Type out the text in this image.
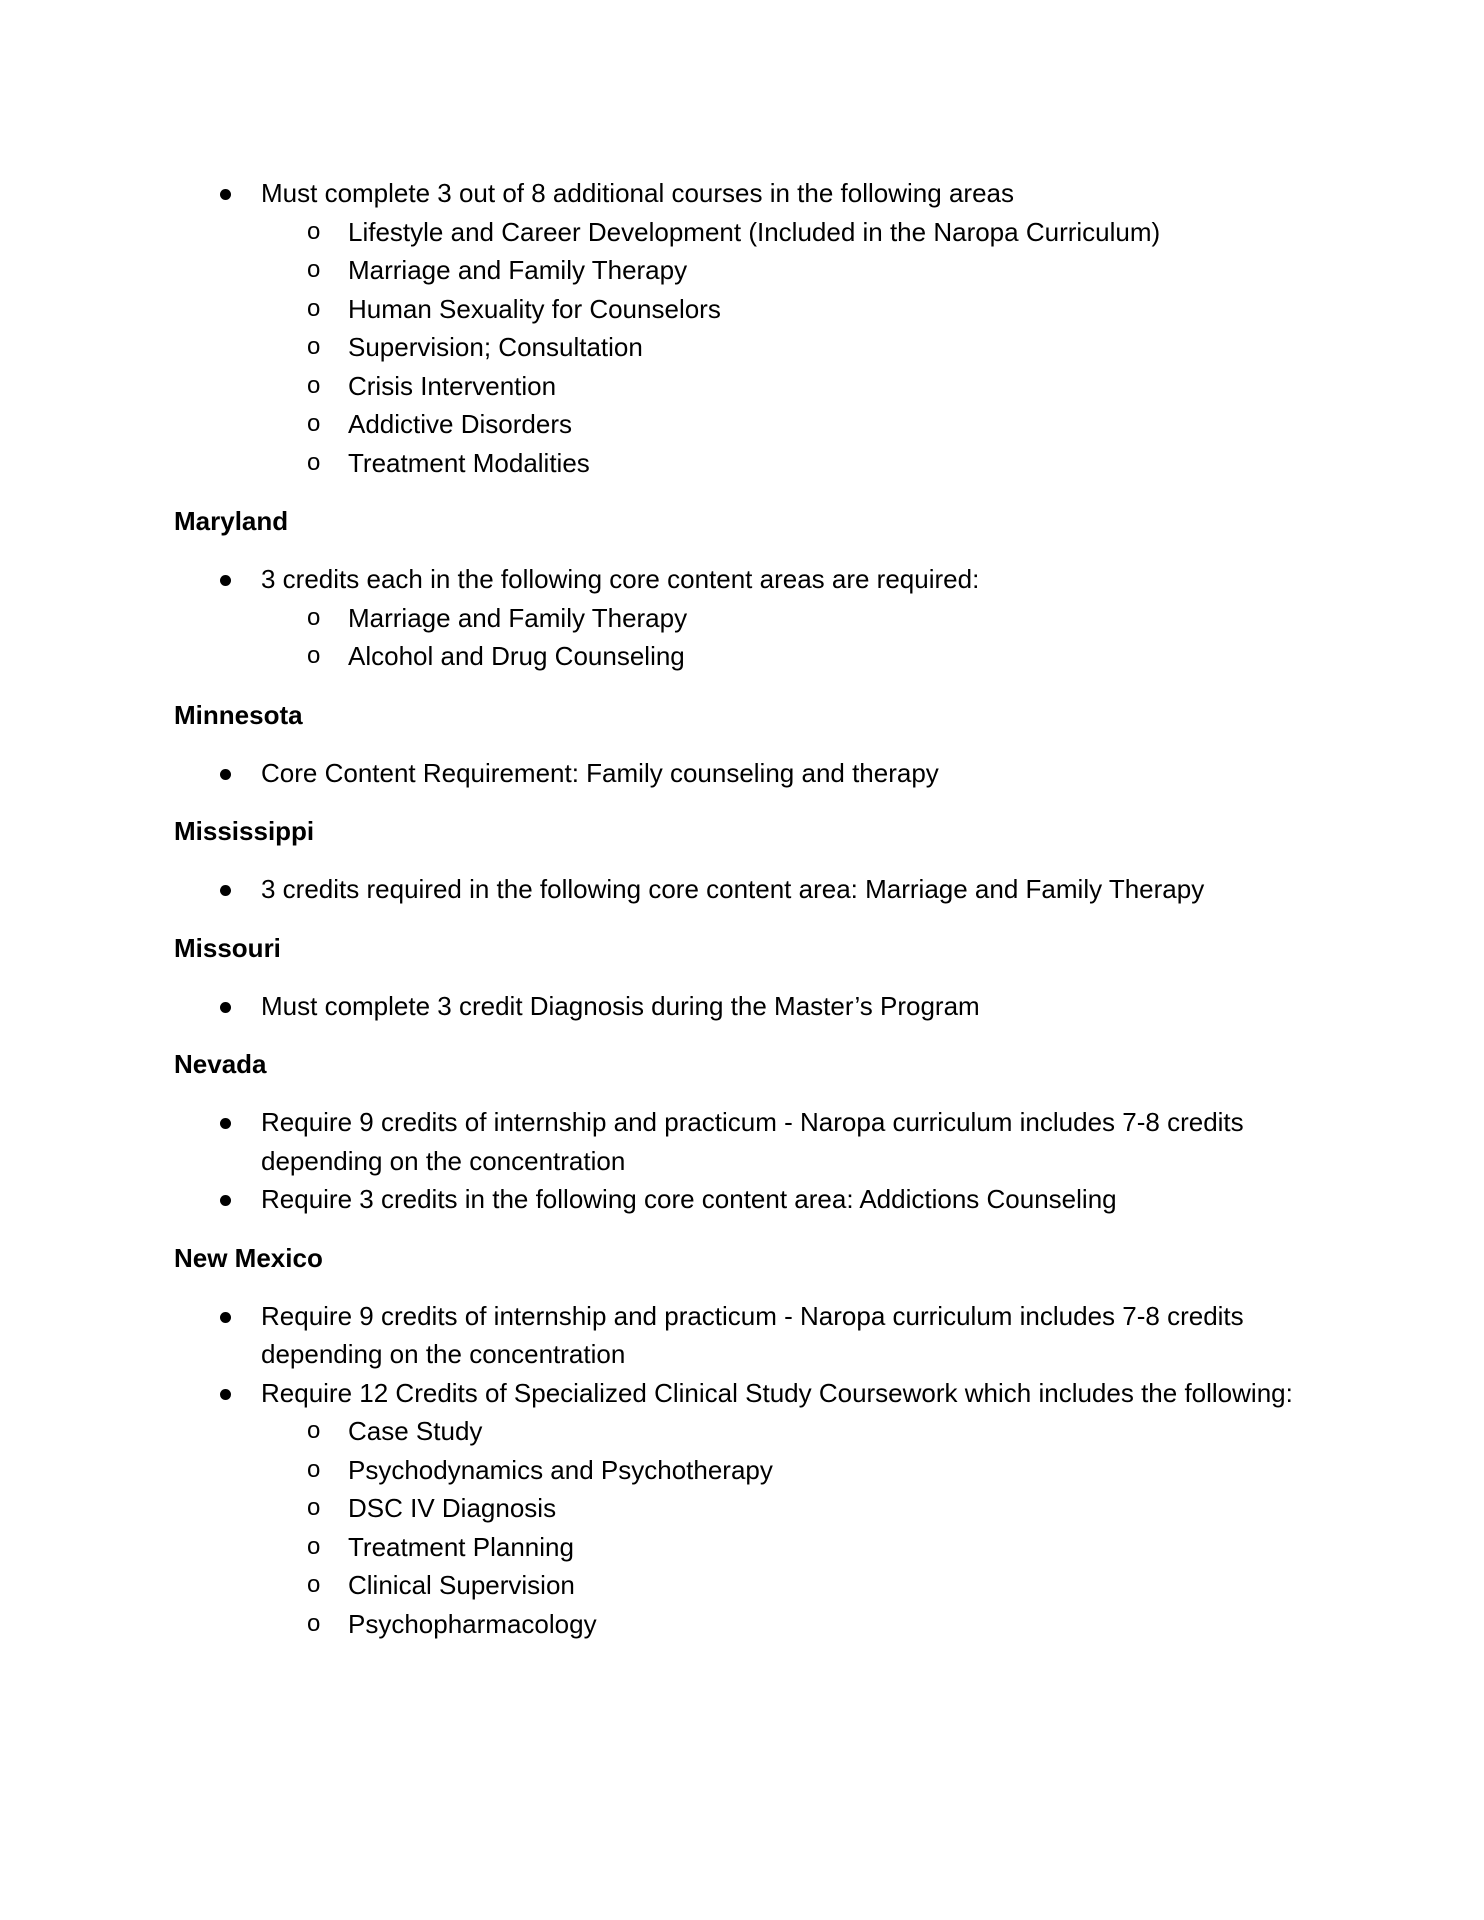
Must complete 3 out of 8 additional courses in the following areas
o Lifestyle and Career Development (Included in the Naropa Curriculum)
o Marriage and Family Therapy
o Human Sexuality for Counselors
o Supervision; Consultation
o Crisis Intervention
o Addictive Disorders
o Treatment Modalities
Maryland
3 credits each in the following core content areas are required:
o Marriage and Family Therapy
o Alcohol and Drug Counseling
Minnesota
Core Content Requirement: Family counseling and therapy
Mississippi
3 credits required in the following core content area: Marriage and Family Therapy
Missouri
Must complete 3 credit Diagnosis during the Master’s Program
Nevada
Require 9 credits of internship and practicum - Naropa curriculum includes 7-8 credits depending on the concentration
Require 3 credits in the following core content area: Addictions Counseling
New Mexico
Require 9 credits of internship and practicum - Naropa curriculum includes 7-8 credits depending on the concentration
Require 12 Credits of Specialized Clinical Study Coursework which includes the following:
o Case Study
o Psychodynamics and Psychotherapy
o DSC IV Diagnosis
o Treatment Planning
o Clinical Supervision
o Psychopharmacology
